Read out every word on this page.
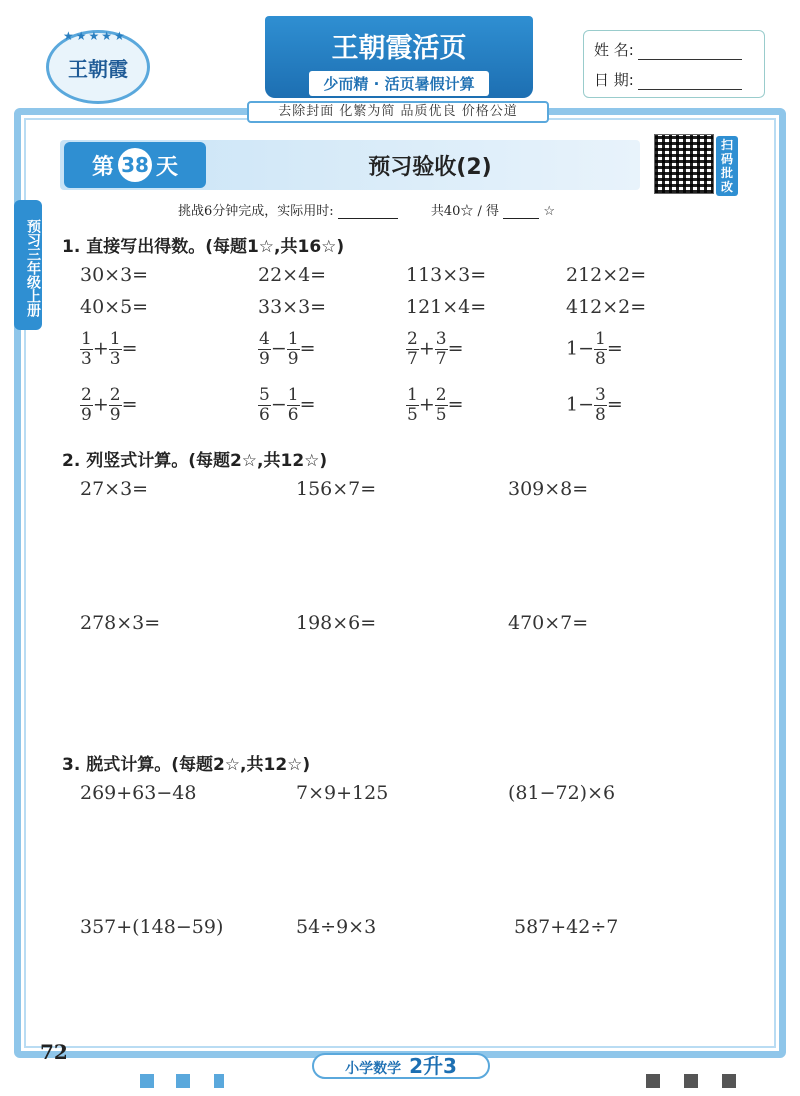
★★★★★
王朝霞
王朝霞活页
少而精 · 活页暑假计算
去除封面 化繁为简 品质优良 价格公道
姓 名:
日 期:
预习三年级上册
第 38 天	预习验收(2)
扫码批改
挑战6分钟完成，实际用时:	共40☆ / 得	☆
1. 直接写出得数。(每题1☆,共16☆)
30×3=	22×4=	113×3=	212×2=
40×5=	33×3=	121×4=	412×2=
$\frac{1}{3} + \frac{1}{3}$ =	$\frac{4}{9} - \frac{1}{9}$ =	$\frac{2}{7} + \frac{3}{7}$ =	$1- \frac{1}{8}$ =
$\frac{2}{9} + \frac{2}{9}$ =	$\frac{5}{6} - \frac{1}{6}$ =	$\frac{1}{5} + \frac{2}{5}$ =	$1- \frac{3}{8}$ =
2. 列竖式计算。(每题2☆,共12☆)
27×3=	156×7=	309×8=
278×3=	198×6=	470×7=
3. 脱式计算。(每题2☆,共12☆)
269+63−48	7×9+125	(81−72)×6
357+(148−59)	54÷9×3	587+42÷7
72
小学数学 2升3
